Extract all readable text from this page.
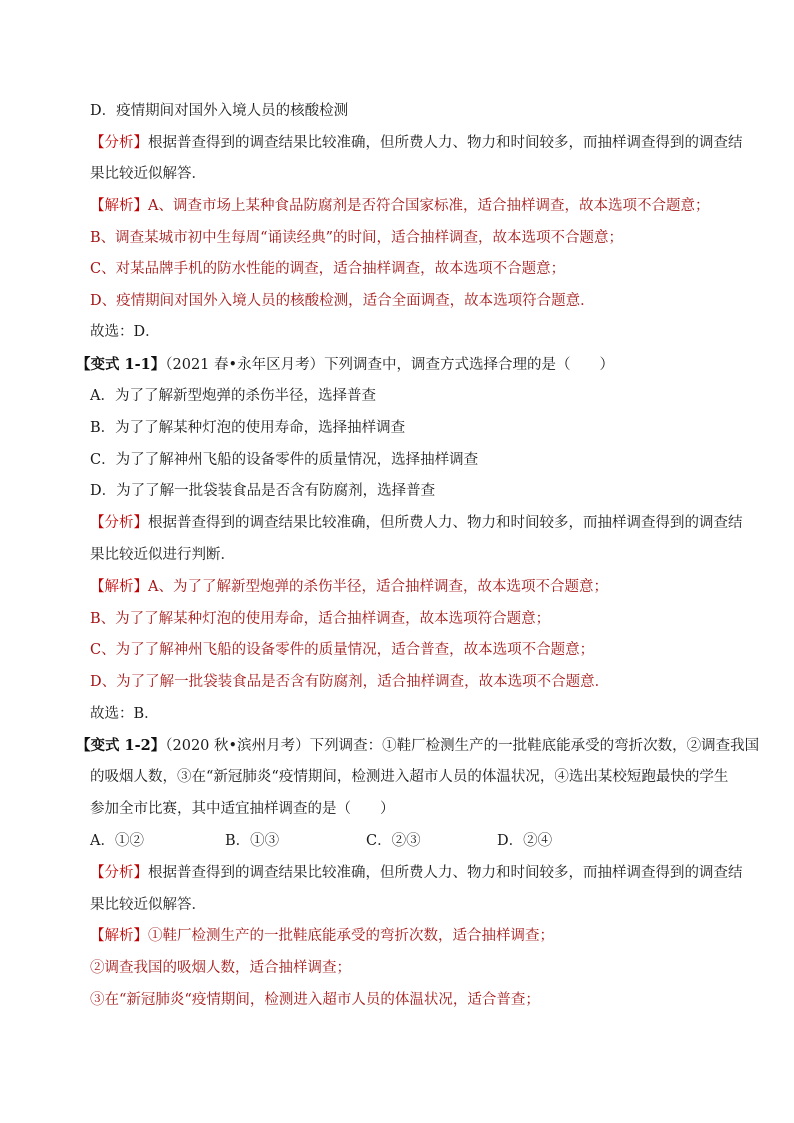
D．疫情期间对国外入境人员的核酸检测
【分析】根据普查得到的调查结果比较准确，但所费人力、物力和时间较多，而抽样调查得到的调查结
果比较近似解答．
【解析】A、调查市场上某种食品防腐剂是否符合国家标准，适合抽样调查，故本选项不合题意；
B、调查某城市初中生每周“诵读经典”的时间，适合抽样调查，故本选项不合题意；
C、对某品牌手机的防水性能的调查，适合抽样调查，故本选项不合题意；
D、疫情期间对国外入境人员的核酸检测，适合全面调查，故本选项符合题意．
故选：D．
【变式 1-1】（2021 春•永年区月考）下列调查中，调查方式选择合理的是（　　）
A．为了了解新型炮弹的杀伤半径，选择普查
B．为了了解某种灯泡的使用寿命，选择抽样调查
C．为了了解神州飞船的设备零件的质量情况，选择抽样调查
D．为了了解一批袋装食品是否含有防腐剂，选择普查
【分析】根据普查得到的调查结果比较准确，但所费人力、物力和时间较多，而抽样调查得到的调查结
果比较近似进行判断．
【解析】A、为了了解新型炮弹的杀伤半径，适合抽样调查，故本选项不合题意；
B、为了了解某种灯泡的使用寿命，适合抽样调查，故本选项符合题意；
C、为了了解神州飞船的设备零件的质量情况，适合普查，故本选项不合题意；
D、为了了解一批袋装食品是否含有防腐剂，适合抽样调查，故本选项不合题意．
故选：B．
【变式 1-2】（2020 秋•滨州月考）下列调查：①鞋厂检测生产的一批鞋底能承受的弯折次数，②调查我国
的吸烟人数，③在“新冠肺炎“疫情期间，检测进入超市人员的体温状况，④选出某校短跑最快的学生
参加全市比赛，其中适宜抽样调查的是（　　）
A．①②	B．①③	C．②③	D．②④
【分析】根据普查得到的调查结果比较准确，但所费人力、物力和时间较多，而抽样调查得到的调查结
果比较近似解答．
【解析】①鞋厂检测生产的一批鞋底能承受的弯折次数，适合抽样调查；
②调查我国的吸烟人数，适合抽样调查；
③在“新冠肺炎“疫情期间，检测进入超市人员的体温状况，适合普查；
